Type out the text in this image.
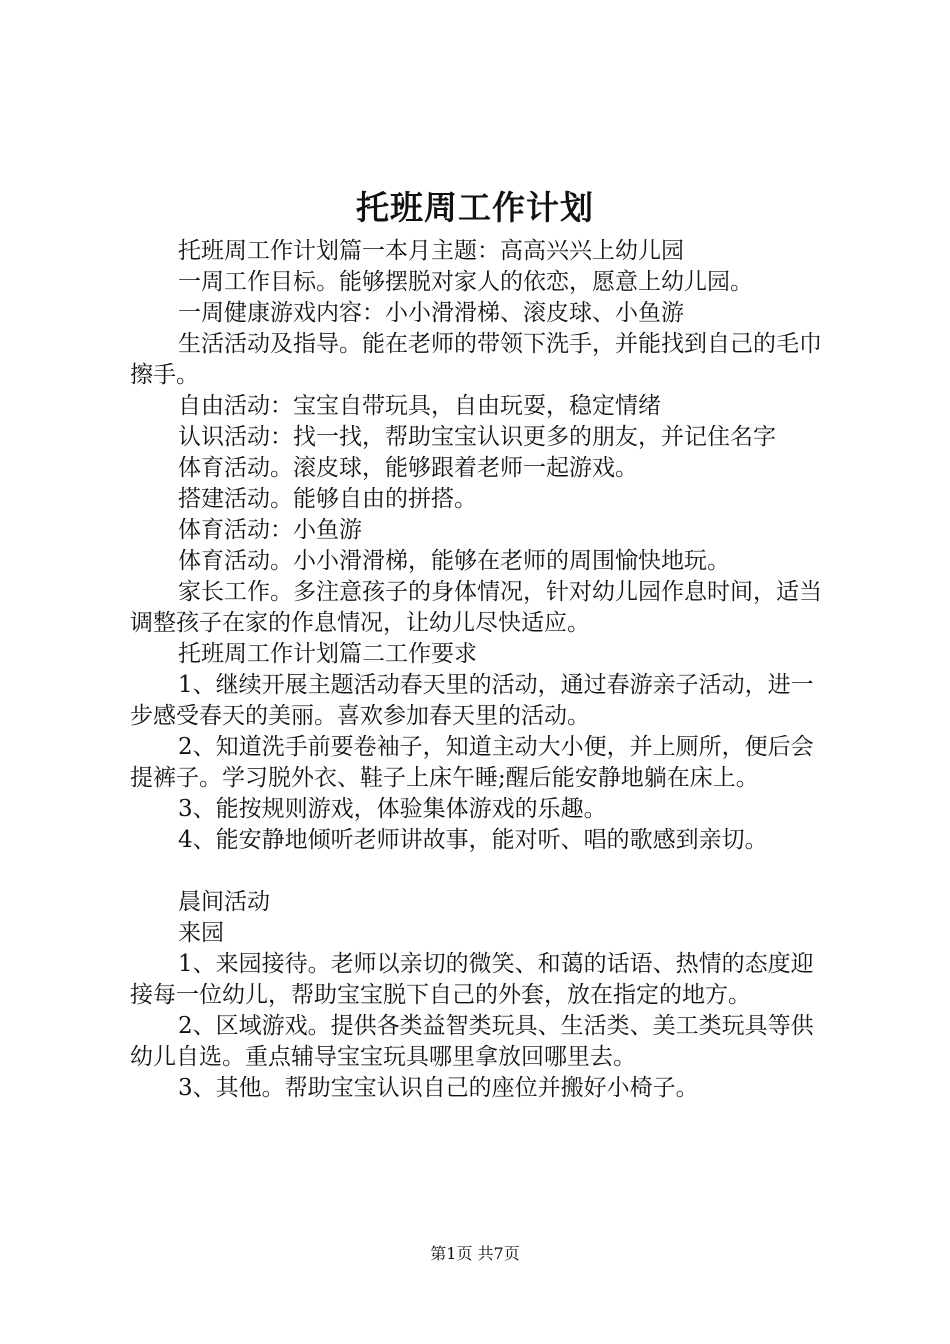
托班周工作计划

托班周工作计划篇一本月主题：高高兴兴上幼儿园

一周工作目标。能够摆脱对家人的依恋，愿意上幼儿园。

一周健康游戏内容：小小滑滑梯、滚皮球、小鱼游

生活活动及指导。能在老师的带领下洗手，并能找到自己的毛巾擦手。

自由活动：宝宝自带玩具，自由玩耍，稳定情绪

认识活动：找一找，帮助宝宝认识更多的朋友，并记住名字

体育活动。滚皮球，能够跟着老师一起游戏。

搭建活动。能够自由的拼搭。

体育活动：小鱼游

体育活动。小小滑滑梯，能够在老师的周围愉快地玩。

家长工作。多注意孩子的身体情况，针对幼儿园作息时间，适当调整孩子在家的作息情况，让幼儿尽快适应。

托班周工作计划篇二工作要求

1、继续开展主题活动春天里的活动，通过春游亲子活动，进一步感受春天的美丽。喜欢参加春天里的活动。

2、知道洗手前要卷袖子，知道主动大小便，并上厕所，便后会提裤子。学习脱外衣、鞋子上床午睡;醒后能安静地躺在床上。

3、能按规则游戏，体验集体游戏的乐趣。

4、能安静地倾听老师讲故事，能对听、唱的歌感到亲切。

晨间活动

来园

1、来园接待。老师以亲切的微笑、和蔼的话语、热情的态度迎接每一位幼儿，帮助宝宝脱下自己的外套，放在指定的地方。

2、区域游戏。提供各类益智类玩具、生活类、美工类玩具等供幼儿自选。重点辅导宝宝玩具哪里拿放回哪里去。

3、其他。帮助宝宝认识自己的座位并搬好小椅子。

第1页 共7页
